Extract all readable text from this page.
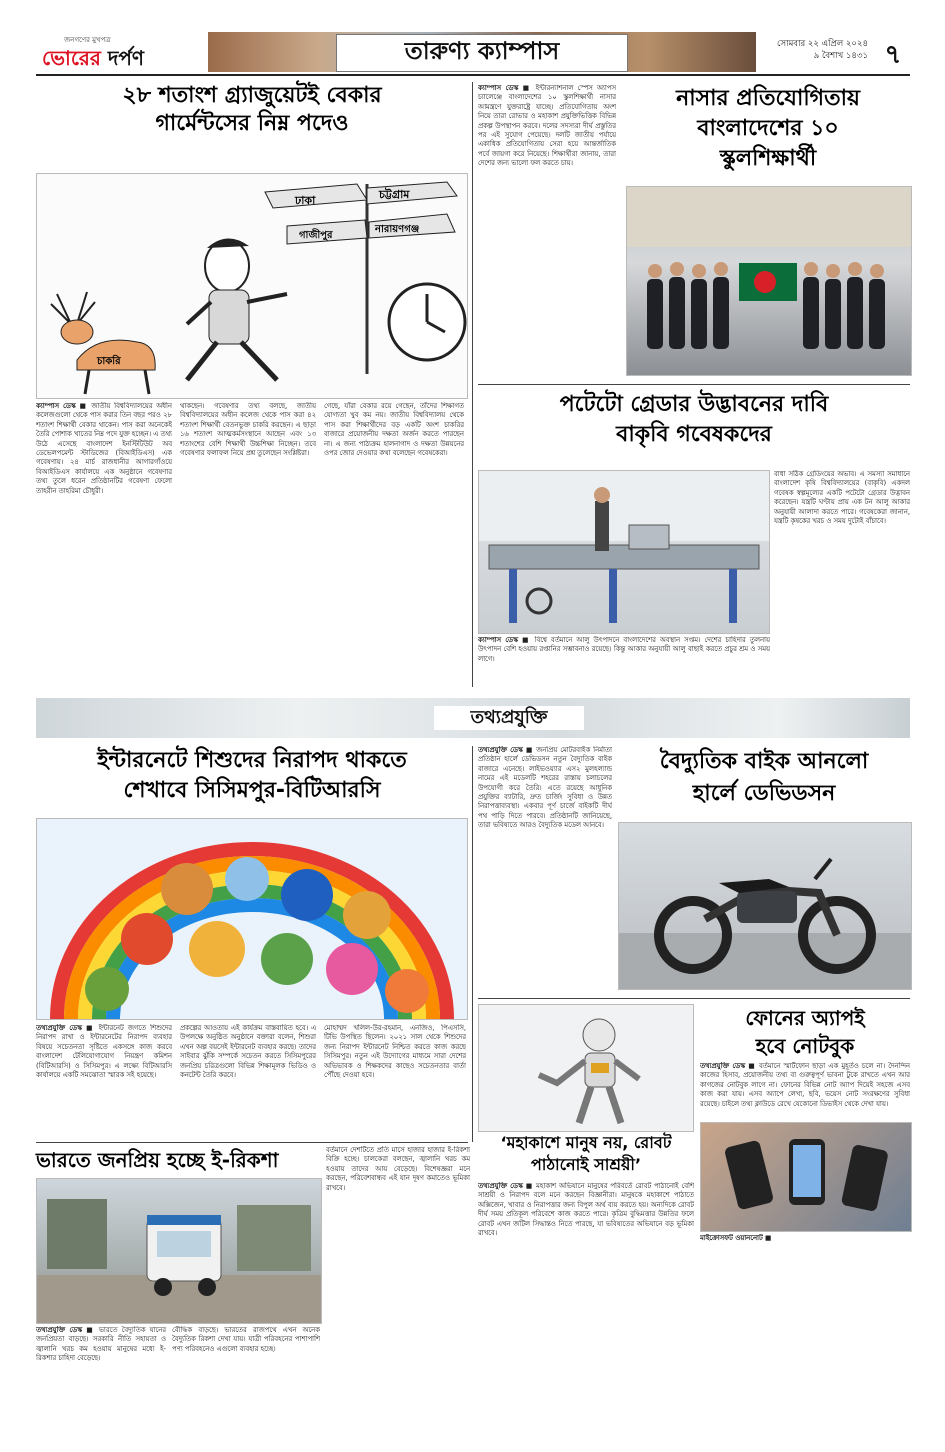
জনগণের মুখপত্র
ভোরের দর্পণ	তারুণ্য ক্যাম্পাস	সোমবার ২২ এপ্রিল ২০২৪
৯ বৈশাখ ১৪৩১ ৭
২৮ শতাংশ গ্র্যাজুয়েটই বেকার
গার্মেন্টসের নিম্ন পদেও
ঢাকা	চট্টগ্রাম
গাজীপুর
নারায়ণগঞ্জ
চাকরি
ক্যাম্পাস ডেস্ক ■ জাতীয় বিশ্ববিদ্যালয়ের অধীন কলেজগুলো থেকে পাস করার তিন বছর পরও ২৮ শতাংশ শিক্ষার্থী বেকার থাকেন। পাস করা অনেকেই তৈরি পোশাক খাতের নিম্ন পদে যুক্ত হচ্ছেন। এ তথ্য উঠে এসেছে বাংলাদেশ ইনস্টিটিউট অব ডেভেলপমেন্ট স্টাডিজের (বিআইডিএস) এক গবেষণায়। ২৪ মার্চ রাজধানীর আগারগাঁওয়ে বিআইডিএস কার্যালয়ে এক অনুষ্ঠানে গবেষণার তথ্য তুলে ধরেন প্রতিষ্ঠানটির গবেষণা ফেলো তাহরীন তাহরিমা চৌধুরী।
থাকছেন। গবেষণার তথ্য বলছে, জাতীয় বিশ্ববিদ্যালয়ের অধীন কলেজ থেকে পাস করা ৪২ শতাংশ শিক্ষার্থী বেতনভুক্ত চাকরি করছেন। এ ছাড়া ১৬ শতাংশ আত্মকর্মসংস্থানে আছেন এবং ১৩ শতাংশের বেশি শিক্ষার্থী উচ্চশিক্ষা নিচ্ছেন। তবে গবেষণার ফলাফল নিয়ে প্রশ্ন তুলেছেন সংশ্লিষ্টরা।
গেছে, যাঁরা বেকার রয়ে গেছেন, তাঁদের শিক্ষাগত যোগ্যতা খুব কম নয়। জাতীয় বিশ্ববিদ্যালয় থেকে পাস করা শিক্ষার্থীদের বড় একটি অংশ চাকরির বাজারে প্রয়োজনীয় দক্ষতা অর্জন করতে পারছেন না। এ জন্য পাঠ্যক্রম হালনাগাদ ও দক্ষতা উন্নয়নের ওপর জোর দেওয়ার কথা বলেছেন গবেষকেরা।
ক্যাম্পাস ডেস্ক ■ ইন্টারন্যাশনাল স্পেস অ্যাপস চ্যালেঞ্জে বাংলাদেশের ১০ স্কুলশিক্ষার্থী নাসার আমন্ত্রণে যুক্তরাষ্ট্রে যাচ্ছে। প্রতিযোগিতায় অংশ নিয়ে তারা রোভার ও মহাকাশ প্রযুক্তিভিত্তিক বিভিন্ন প্রকল্প উপস্থাপন করবে। দলের সদস্যরা দীর্ঘ প্রস্তুতির পর এই সুযোগ পেয়েছে। দলটি জাতীয় পর্যায়ে একাধিক প্রতিযোগিতায় সেরা হয়ে আন্তর্জাতিক পর্বে জায়গা করে নিয়েছে। শিক্ষার্থীরা জানায়, তারা দেশের জন্য ভালো ফল করতে চায়।
নাসার প্রতিযোগিতায়
বাংলাদেশের ১০
স্কুলশিক্ষার্থী
পটেটো গ্রেডার উদ্ভাবনের দাবি
বাকৃবি গবেষকদের
বাধা সঠিক গ্রেডিংয়ের অভাব। এ সমস্যা সমাধানে বাংলাদেশ কৃষি বিশ্ববিদ্যালয়ের (বাকৃবি) একদল গবেষক স্বল্পমূল্যের একটি পটেটো গ্রেডার উদ্ভাবন করেছেন। যন্ত্রটি ঘণ্টায় প্রায় এক টন আলু আকার অনুযায়ী আলাদা করতে পারে। গবেষকেরা জানান, যন্ত্রটি কৃষকের খরচ ও সময় দুটোই বাঁচাবে।
ক্যাম্পাস ডেস্ক ■ বিশ্বে বর্তমানে আলু উৎপাদনে বাংলাদেশের অবস্থান সপ্তম। দেশের চাহিদার তুলনায় উৎপাদন বেশি হওয়ায় রপ্তানির সম্ভাবনাও রয়েছে। কিন্তু আকার অনুযায়ী আলু বাছাই করতে প্রচুর শ্রম ও সময় লাগে।
তথ্যপ্রযুক্তি
ইন্টারনেটে শিশুদের নিরাপদ থাকতে
শেখাবে সিসিমপুর-বিটিআরসি
তথ্যপ্রযুক্তি ডেস্ক ■ ইন্টারনেট জগতে শিশুদের নিরাপদ রাখা ও ইন্টারনেটের নিরাপদ ব্যবহার বিষয়ে সচেতনতা সৃষ্টিতে একসঙ্গে কাজ করবে বাংলাদেশ টেলিযোগাযোগ নিয়ন্ত্রণ কমিশন (বিটিআরসি) ও সিসিমপুর। এ লক্ষ্যে বিটিআরসি কার্যালয়ে একটি সমঝোতা স্মারক সই হয়েছে।
প্রকল্পের আওতায় এই কার্যক্রম বাস্তবায়িত হবে। এ উপলক্ষে অনুষ্ঠিত অনুষ্ঠানে বক্তারা বলেন, শিশুরা এখন অল্প বয়সেই ইন্টারনেট ব্যবহার করছে। তাদের সাইবার ঝুঁকি সম্পর্কে সচেতন করতে সিসিমপুরের জনপ্রিয় চরিত্রগুলো বিভিন্ন শিক্ষামূলক ভিডিও ও কনটেন্ট তৈরি করবে।
মোহাম্মদ খলিল-উর-রহমান, এনজিও, পিএসসি, টিভি উপস্থিত ছিলেন। ২০২১ সাল থেকে শিশুদের জন্য নিরাপদ ইন্টারনেট নিশ্চিত করতে কাজ করছে সিসিমপুর। নতুন এই উদ্যোগের মাধ্যমে সারা দেশের অভিভাবক ও শিক্ষকদের কাছেও সচেতনতার বার্তা পৌঁছে দেওয়া হবে।
তথ্যপ্রযুক্তি ডেস্ক ■ জনপ্রিয় মোটরবাইক নির্মাতা প্রতিষ্ঠান হার্লে ডেভিডসন নতুন বৈদ্যুতিক বাইক বাজারে এনেছে। লাইভওয়্যার এস২ মুলহল্যান্ড নামের এই মডেলটি শহরের রাস্তায় চলাচলের উপযোগী করে তৈরি। এতে রয়েছে আধুনিক প্রযুক্তির ব্যাটারি, দ্রুত চার্জিং সুবিধা ও উন্নত নিরাপত্তাব্যবস্থা। একবার পূর্ণ চার্জে বাইকটি দীর্ঘ পথ পাড়ি দিতে পারবে। প্রতিষ্ঠানটি জানিয়েছে, তারা ভবিষ্যতে আরও বৈদ্যুতিক মডেল আনবে।
বৈদ্যুতিক বাইক আনলো
হার্লে ডেভিডসন
ফোনের অ্যাপই
হবে নোটবুক
তথ্যপ্রযুক্তি ডেস্ক ■ বর্তমানে স্মার্টফোন ছাড়া এক মুহূর্তও চলে না। দৈনন্দিন কাজের হিসাব, প্রয়োজনীয় তথ্য বা গুরুত্বপূর্ণ ভাবনা টুকে রাখতে এখন আর কাগজের নোটবুক লাগে না। ফোনের বিভিন্ন নোট অ্যাপ দিয়েই সহজে এসব কাজ করা যায়। এসব অ্যাপে লেখা, ছবি, ভয়েস নোট সংরক্ষণের সুবিধা রয়েছে। চাইলে তথ্য ক্লাউডে রেখে যেকোনো ডিভাইস থেকে দেখা যায়।
মাইক্রোসফট ওয়াননোট ■
‘মহাকাশে মানুষ নয়, রোবট
পাঠানোই সাশ্রয়ী’
তথ্যপ্রযুক্তি ডেস্ক ■ মহাকাশ অভিযানে মানুষের পরিবর্তে রোবট পাঠানোই বেশি সাশ্রয়ী ও নিরাপদ বলে মনে করছেন বিজ্ঞানীরা। মানুষকে মহাকাশে পাঠাতে অক্সিজেন, খাবার ও নিরাপত্তার জন্য বিপুল অর্থ ব্যয় করতে হয়। অন্যদিকে রোবট দীর্ঘ সময় প্রতিকূল পরিবেশে কাজ করতে পারে। কৃত্রিম বুদ্ধিমত্তার উন্নতির ফলে রোবট এখন জটিল সিদ্ধান্তও নিতে পারছে, যা ভবিষ্যতের অভিযানে বড় ভূমিকা রাখবে।
ভারতে জনপ্রিয় হচ্ছে ই-রিকশা
তথ্যপ্রযুক্তি ডেস্ক ■ ভারতে বৈদ্যুতিক যানের জনপ্রিয়তা বাড়ছে। সরকারি নীতি সহায়তা ও জ্বালানি খরচ কম হওয়ায় মানুষের মধ্যে ই-রিকশার চাহিদা বেড়েছে।
বৌদ্ধিক বাড়ছে। ভারতের রাজপথে এখন অনেক বৈদ্যুতিক রিকশা দেখা যায়। যাত্রী পরিবহনের পাশাপাশি পণ্য পরিবহনেও এগুলো ব্যবহার হচ্ছে।
বর্তমানে দেশটিতে প্রতি মাসে হাজার হাজার ই-রিকশা বিক্রি হচ্ছে। চালকেরা বলছেন, জ্বালানি খরচ কম হওয়ায় তাদের আয় বেড়েছে। বিশেষজ্ঞরা মনে করছেন, পরিবেশবান্ধব এই যান দূষণ কমাতেও ভূমিকা রাখবে।
